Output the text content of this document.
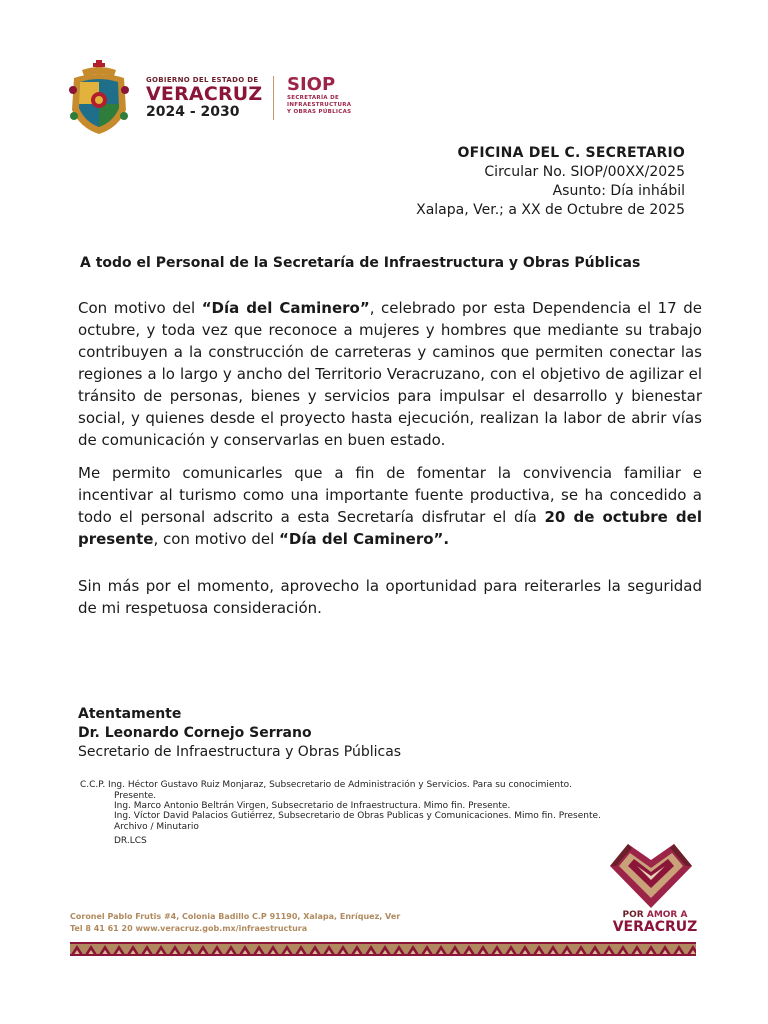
GOBIERNO DEL ESTADO DE
VERACRUZ
2024 - 2030
SIOP
SECRETARÍA DE
INFRAESTRUCTURA
Y OBRAS PÚBLICAS
OFICINA DEL C. SECRETARIO
Circular No. SIOP/00XX/2025
Asunto: Día inhábil
Xalapa, Ver.; a XX de Octubre de 2025
A todo el Personal de la Secretaría de Infraestructura y Obras Públicas
Con motivo del “Día del Caminero”, celebrado por esta Dependencia el 17 de octubre, y toda vez que reconoce a mujeres y hombres que mediante su trabajo contribuyen a la construcción de carreteras y caminos que permiten conectar las regiones a lo largo y ancho del Territorio Veracruzano, con el objetivo de agilizar el tránsito de personas, bienes y servicios para impulsar el desarrollo y bienestar social, y quienes desde el proyecto hasta ejecución, realizan la labor de abrir vías de comunicación y conservarlas en buen estado.
Me permito comunicarles que a fin de fomentar la convivencia familiar e incentivar al turismo como una importante fuente productiva, se ha concedido a todo el personal adscrito a esta Secretaría disfrutar el día 20 de octubre del presente, con motivo del “Día del Caminero”.
Sin más por el momento, aprovecho la oportunidad para reiterarles la seguridad de mi respetuosa consideración.
Atentamente
Dr. Leonardo Cornejo Serrano
Secretario de Infraestructura y Obras Públicas
C.C.P. Ing. Héctor Gustavo Ruiz Monjaraz, Subsecretario de Administración y Servicios. Para su conocimiento.
Presente.
Ing. Marco Antonio Beltrán Virgen, Subsecretario de Infraestructura. Mimo fin. Presente.
Ing. Víctor David Palacios Gutiérrez, Subsecretario de Obras Publicas y Comunicaciones. Mimo fin. Presente.
Archivo / Minutario
DR.LCS
Coronel Pablo Frutis #4, Colonia Badillo C.P 91190, Xalapa, Enríquez, Ver
Tel 8 41 61 20 www.veracruz.gob.mx/infraestructura
POR AMOR A
VERACRUZ
